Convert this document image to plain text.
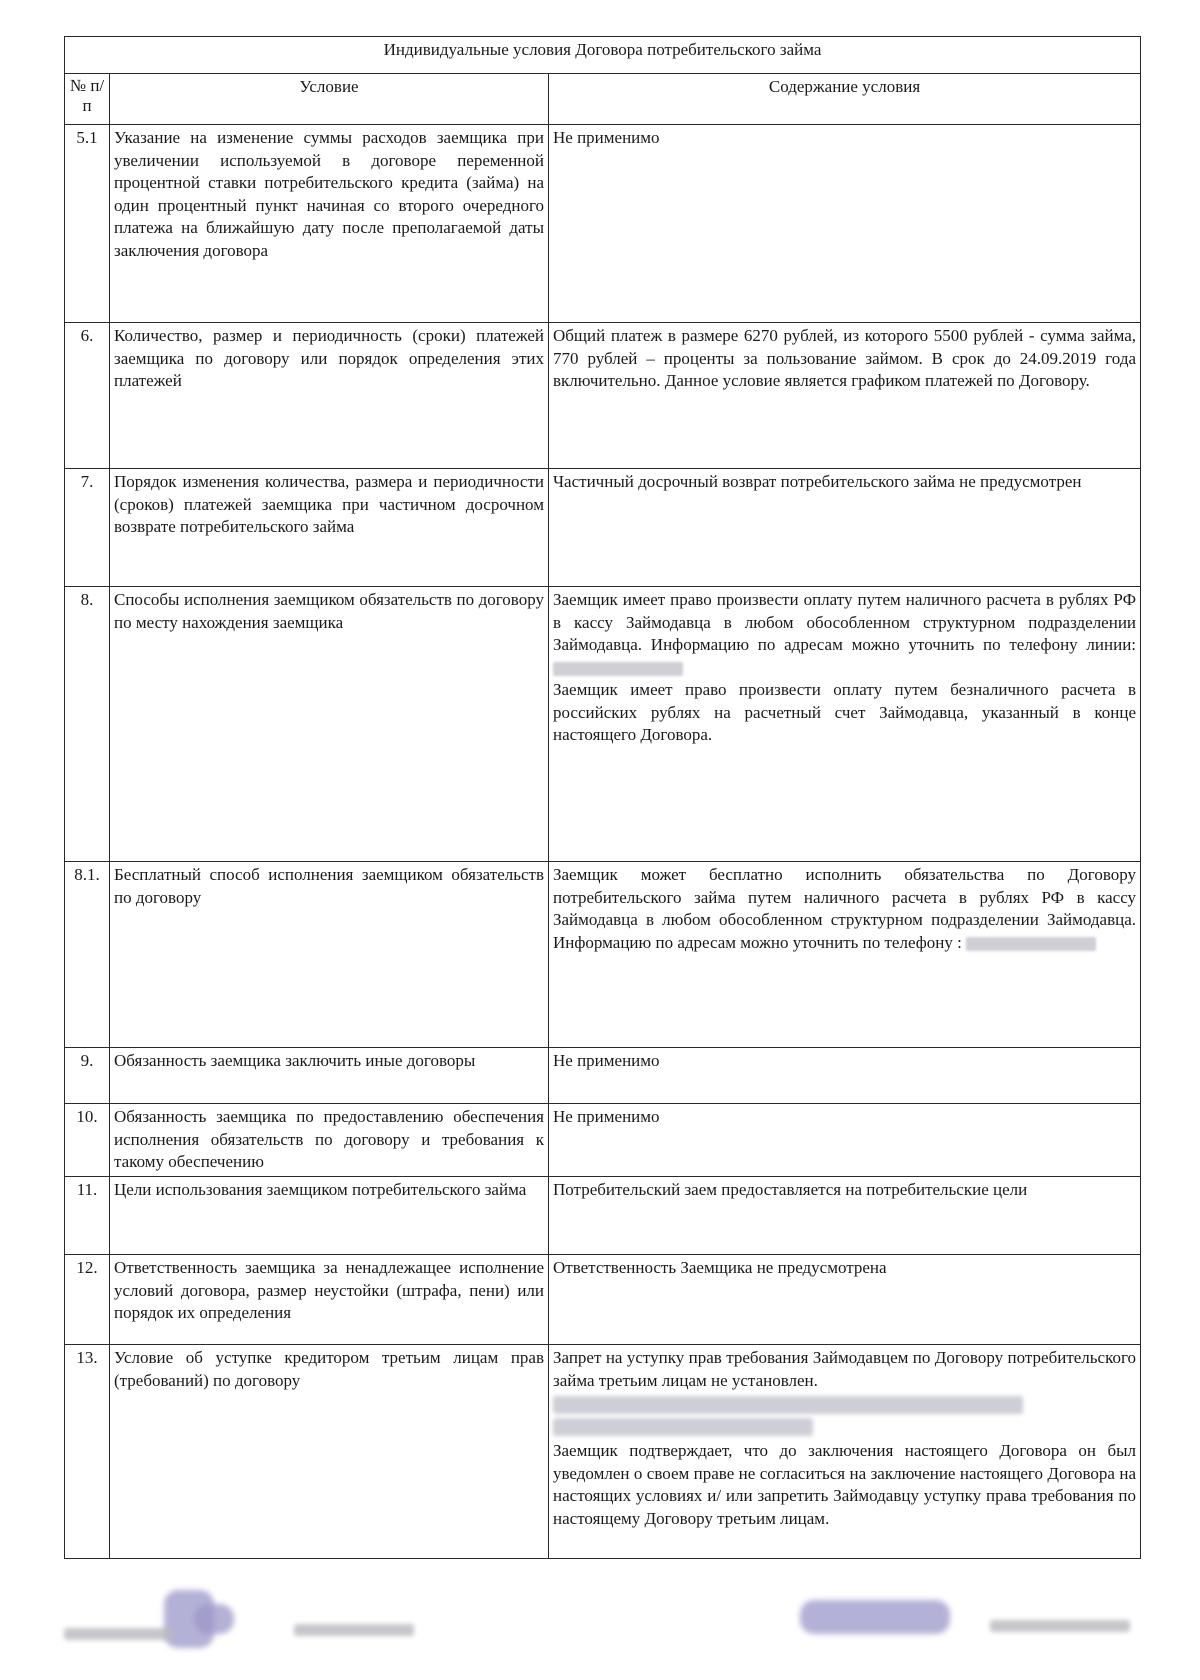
Индивидуальные условия Договора потребительского займа		
№ п/п	Условие	Содержание условия
5.1	Указание на изменение суммы расходов заемщика при увеличении используемой в договоре переменной процентной ставки потребительского кредита (займа) на один процентный пункт начиная со второго очередного платежа на ближайшую дату после преполагаемой даты заключения договора	Не применимо

6.	Количество, размер и периодичность (сроки) платежей заемщика по договору или порядок определения этих платежей	Общий платеж в размере 6270 рублей, из которого 5500 рублей - сумма займа, 770 рублей – проценты за пользование займом. В срок до 24.09.2019 года включительно. Данное условие является графиком платежей по Договору.

7.	Порядок изменения количества, размера и периодичности (сроков) платежей заемщика при частичном досрочном возврате потребительского займа	Частичный досрочный возврат потребительского займа не предусмотрен

8.	Способы исполнения заемщиком обязательств по договору по месту нахождения заемщика	Заемщик имеет право произвести оплату путем наличного расчета в рублях РФ в кассу Займодавца в любом обособленном структурном подразделении Займодавца. Информацию по адресам можно уточнить по телефону линии:
Заемщик имеет право произвести оплату путем безналичного расчета в российских рублях на расчетный счет Займодавца, указанный в конце настоящего Договора.

8.1.	Бесплатный способ исполнения заемщиком обязательств по договору	Заемщик может бесплатно исполнить обязательства по Договору потребительского займа путем наличного расчета в рублях РФ в кассу Займодавца в любом обособленном структурном подразделении Займодавца. Информацию по адресам можно уточнить по телефону :
9.	Обязанность заемщика заключить иные договоры	Не применимо

10.	Обязанность заемщика по предоставлению обеспечения исполнения обязательств по договору и требования к такому обеспечению	Не применимо

11.	Цели использования заемщиком потребительского займа	Потребительский заем предоставляется на потребительские цели

12.	Ответственность заемщика за ненадлежащее исполнение условий договора, размер неустойки (штрафа, пени) или порядок их определения	Ответственность Заемщика не предусмотрена

13.	Условие об уступке кредитором третьим лицам прав (требований) по договору	Запрет на уступку прав требования Займодавцем по Договору потребительского займа третьим лицам не установлен.
Заемщик подтверждает, что до заключения настоящего Договора он был уведомлен о своем праве не согласиться на заключение настоящего Договора на настоящих условиях и/ или запретить Займодавцу уступку права требования по настоящему Договору третьим лицам.
